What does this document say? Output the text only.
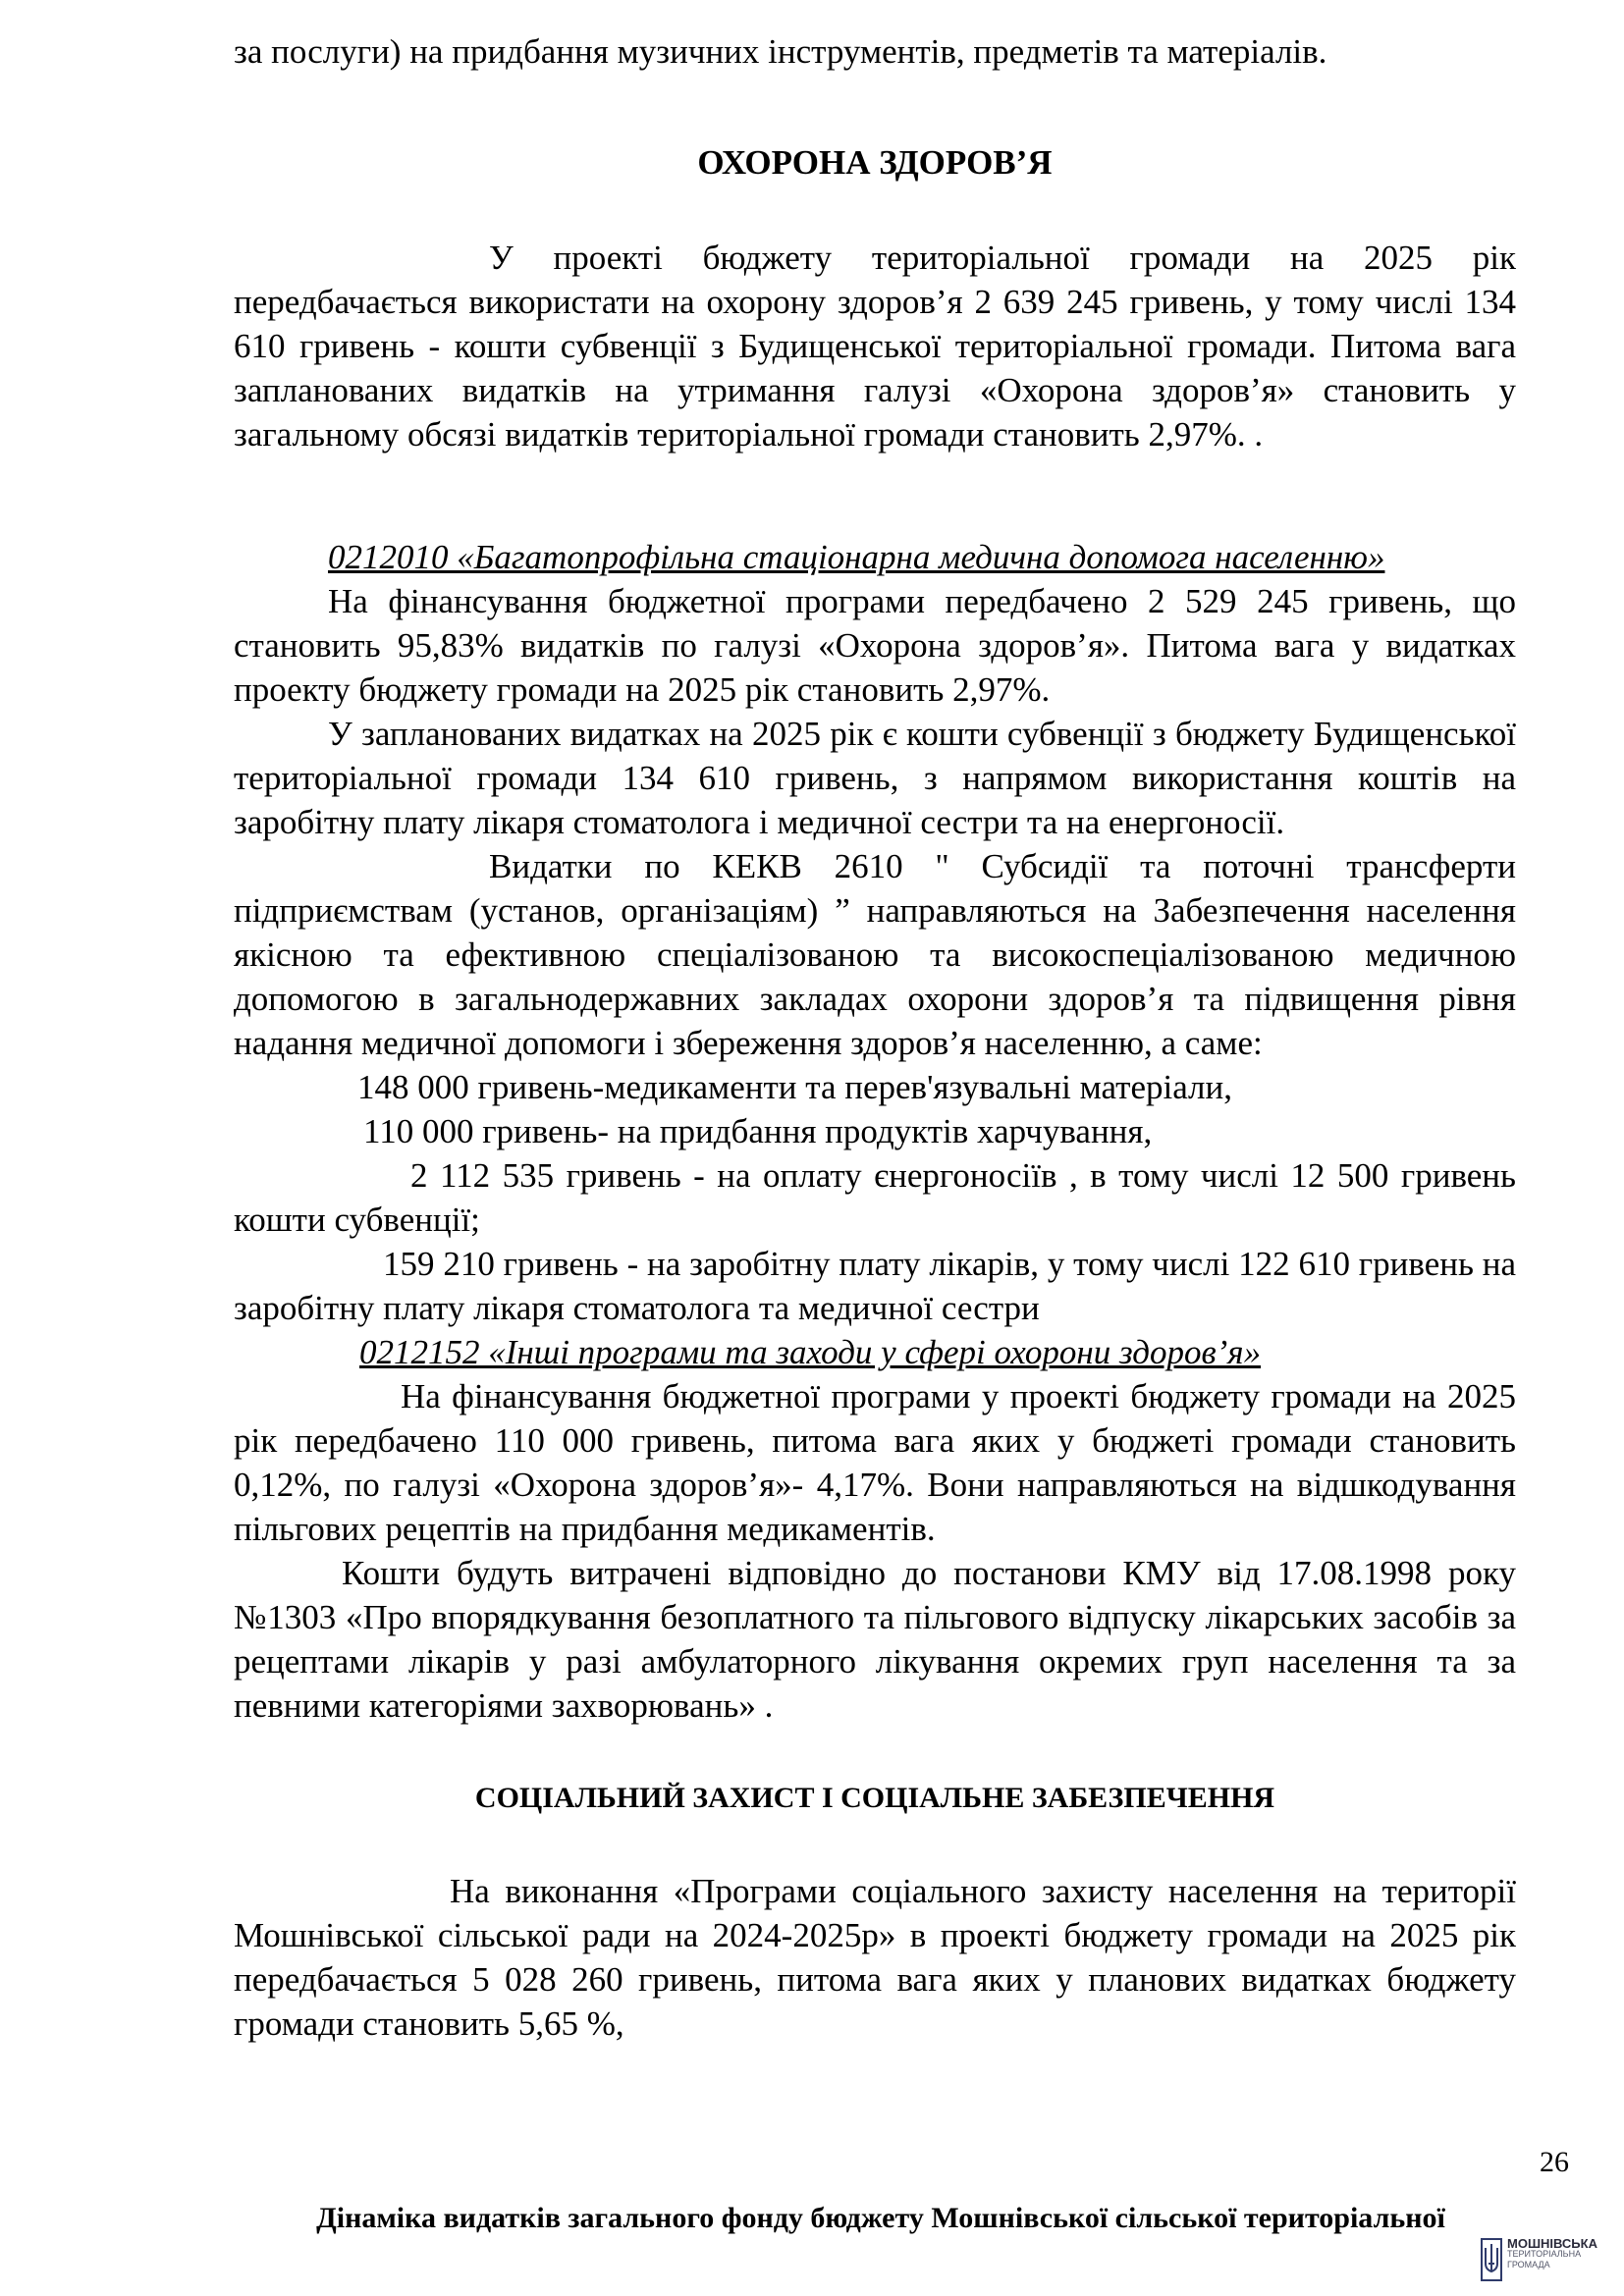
за послуги) на придбання музичних інструментів, предметів та матеріалів.

ОХОРОНА ЗДОРОВ’Я

У проекті бюджету територіальної громади на 2025 рік передбачається використати на охорону здоров’я 2 639 245 гривень, у тому числі 134 610 гривень - кошти субвенції з Будищенської територіальної громади. Питома вага запланованих видатків на утримання галузі «Охорона здоров’я» становить у загальному обсязі видатків територіальної громади становить 2,97%. .

0212010 «Багатопрофільна стаціонарна медична допомога населенню»

На фінансування бюджетної програми передбачено 2 529 245 гривень, що становить 95,83% видатків по галузі «Охорона здоров’я». Питома вага у видатках проекту бюджету громади на 2025 рік становить 2,97%.

У запланованих видатках на 2025 рік є кошти субвенції з бюджету Будищенської територіальної громади 134 610 гривень, з напрямом використання коштів на заробітну плату лікаря стоматолога і медичної сестри та на енергоносії.

Видатки по КЕКВ 2610 " Субсидії та поточні трансферти підприємствам (установ, організаціям) ” направляються на Забезпечення населення якісною та ефективною спеціалізованою та високоспеціалізованою медичною допомогою в загальнодержавних закладах охорони здоров’я та підвищення рівня надання медичної допомоги і збереження здоров’я населенню, а саме:

148 000 гривень-медикаменти та перев'язувальні матеріали,

110 000 гривень- на придбання продуктів харчування,

2 112 535 гривень - на оплату єнергоносіїв , в тому числі 12 500 гривень кошти субвенції;

159 210 гривень - на заробітну плату лікарів, у тому числі 122 610 гривень на заробітну плату лікаря стоматолога та медичної сестри

0212152 «Інші програми та заходи у сфері охорони здоров’я»

На фінансування бюджетної програми у проекті бюджету громади на 2025 рік передбачено 110 000 гривень, питома вага яких у бюджеті громади становить 0,12%, по галузі «Охорона здоров’я»- 4,17%. Вони направляються на відшкодування пільгових рецептів на придбання медикаментів.

Кошти будуть витрачені відповідно до постанови КМУ від 17.08.1998 року №1303 «Про впорядкування безоплатного та пільгового відпуску лікарських засобів за рецептами лікарів у разі амбулаторного лікування окремих груп населення та за певними категоріями захворювань» .

СОЦІАЛЬНИЙ ЗАХИСТ І СОЦІАЛЬНЕ ЗАБЕЗПЕЧЕННЯ

На виконання «Програми соціального захисту населення на території Мошнівської сільської ради на 2024-2025р» в проекті бюджету громади на 2025 рік передбачається 5 028 260 гривень, питома вага яких у планових видатках бюджету громади становить 5,65 %,

26
Дінаміка видатків загального фонду бюджету Мошнівської сільської територіальної
МОШНІВСЬКА
ТЕРИТОРІАЛЬНА
ГРОМАДА
